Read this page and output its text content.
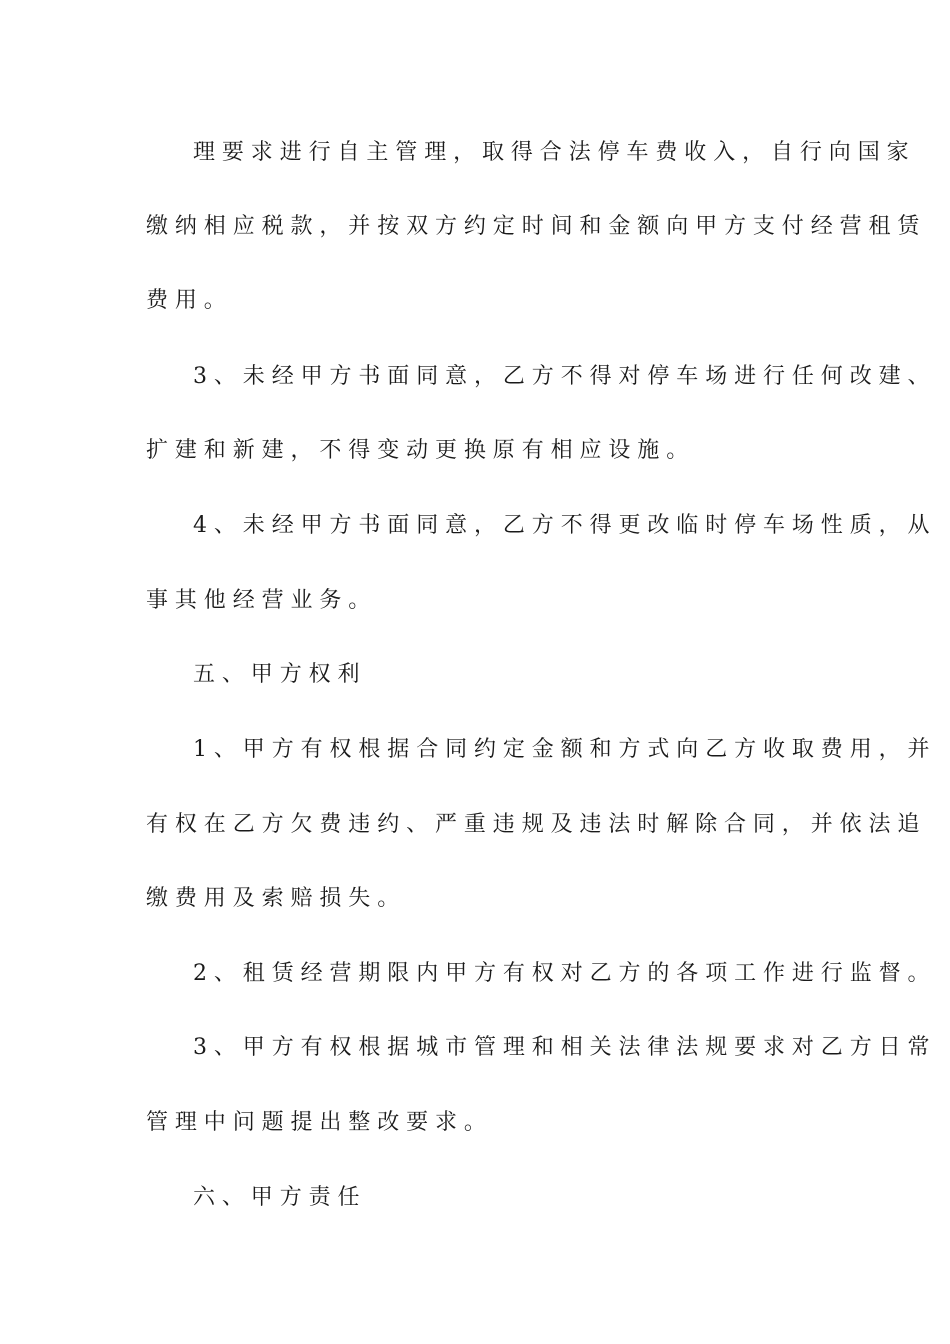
理要求进行自主管理，取得合法停车费收入，自行向国家
缴纳相应税款，并按双方约定时间和金额向甲方支付经营租赁
费用。
3、未经甲方书面同意，乙方不得对停车场进行任何改建、
扩建和新建，不得变动更换原有相应设施。
4、未经甲方书面同意，乙方不得更改临时停车场性质，从
事其他经营业务。
五、甲方权利
1、甲方有权根据合同约定金额和方式向乙方收取费用，并
有权在乙方欠费违约、严重违规及违法时解除合同，并依法追
缴费用及索赔损失。
2、租赁经营期限内甲方有权对乙方的各项工作进行监督。
3、甲方有权根据城市管理和相关法律法规要求对乙方日常
管理中问题提出整改要求。
六、甲方责任
